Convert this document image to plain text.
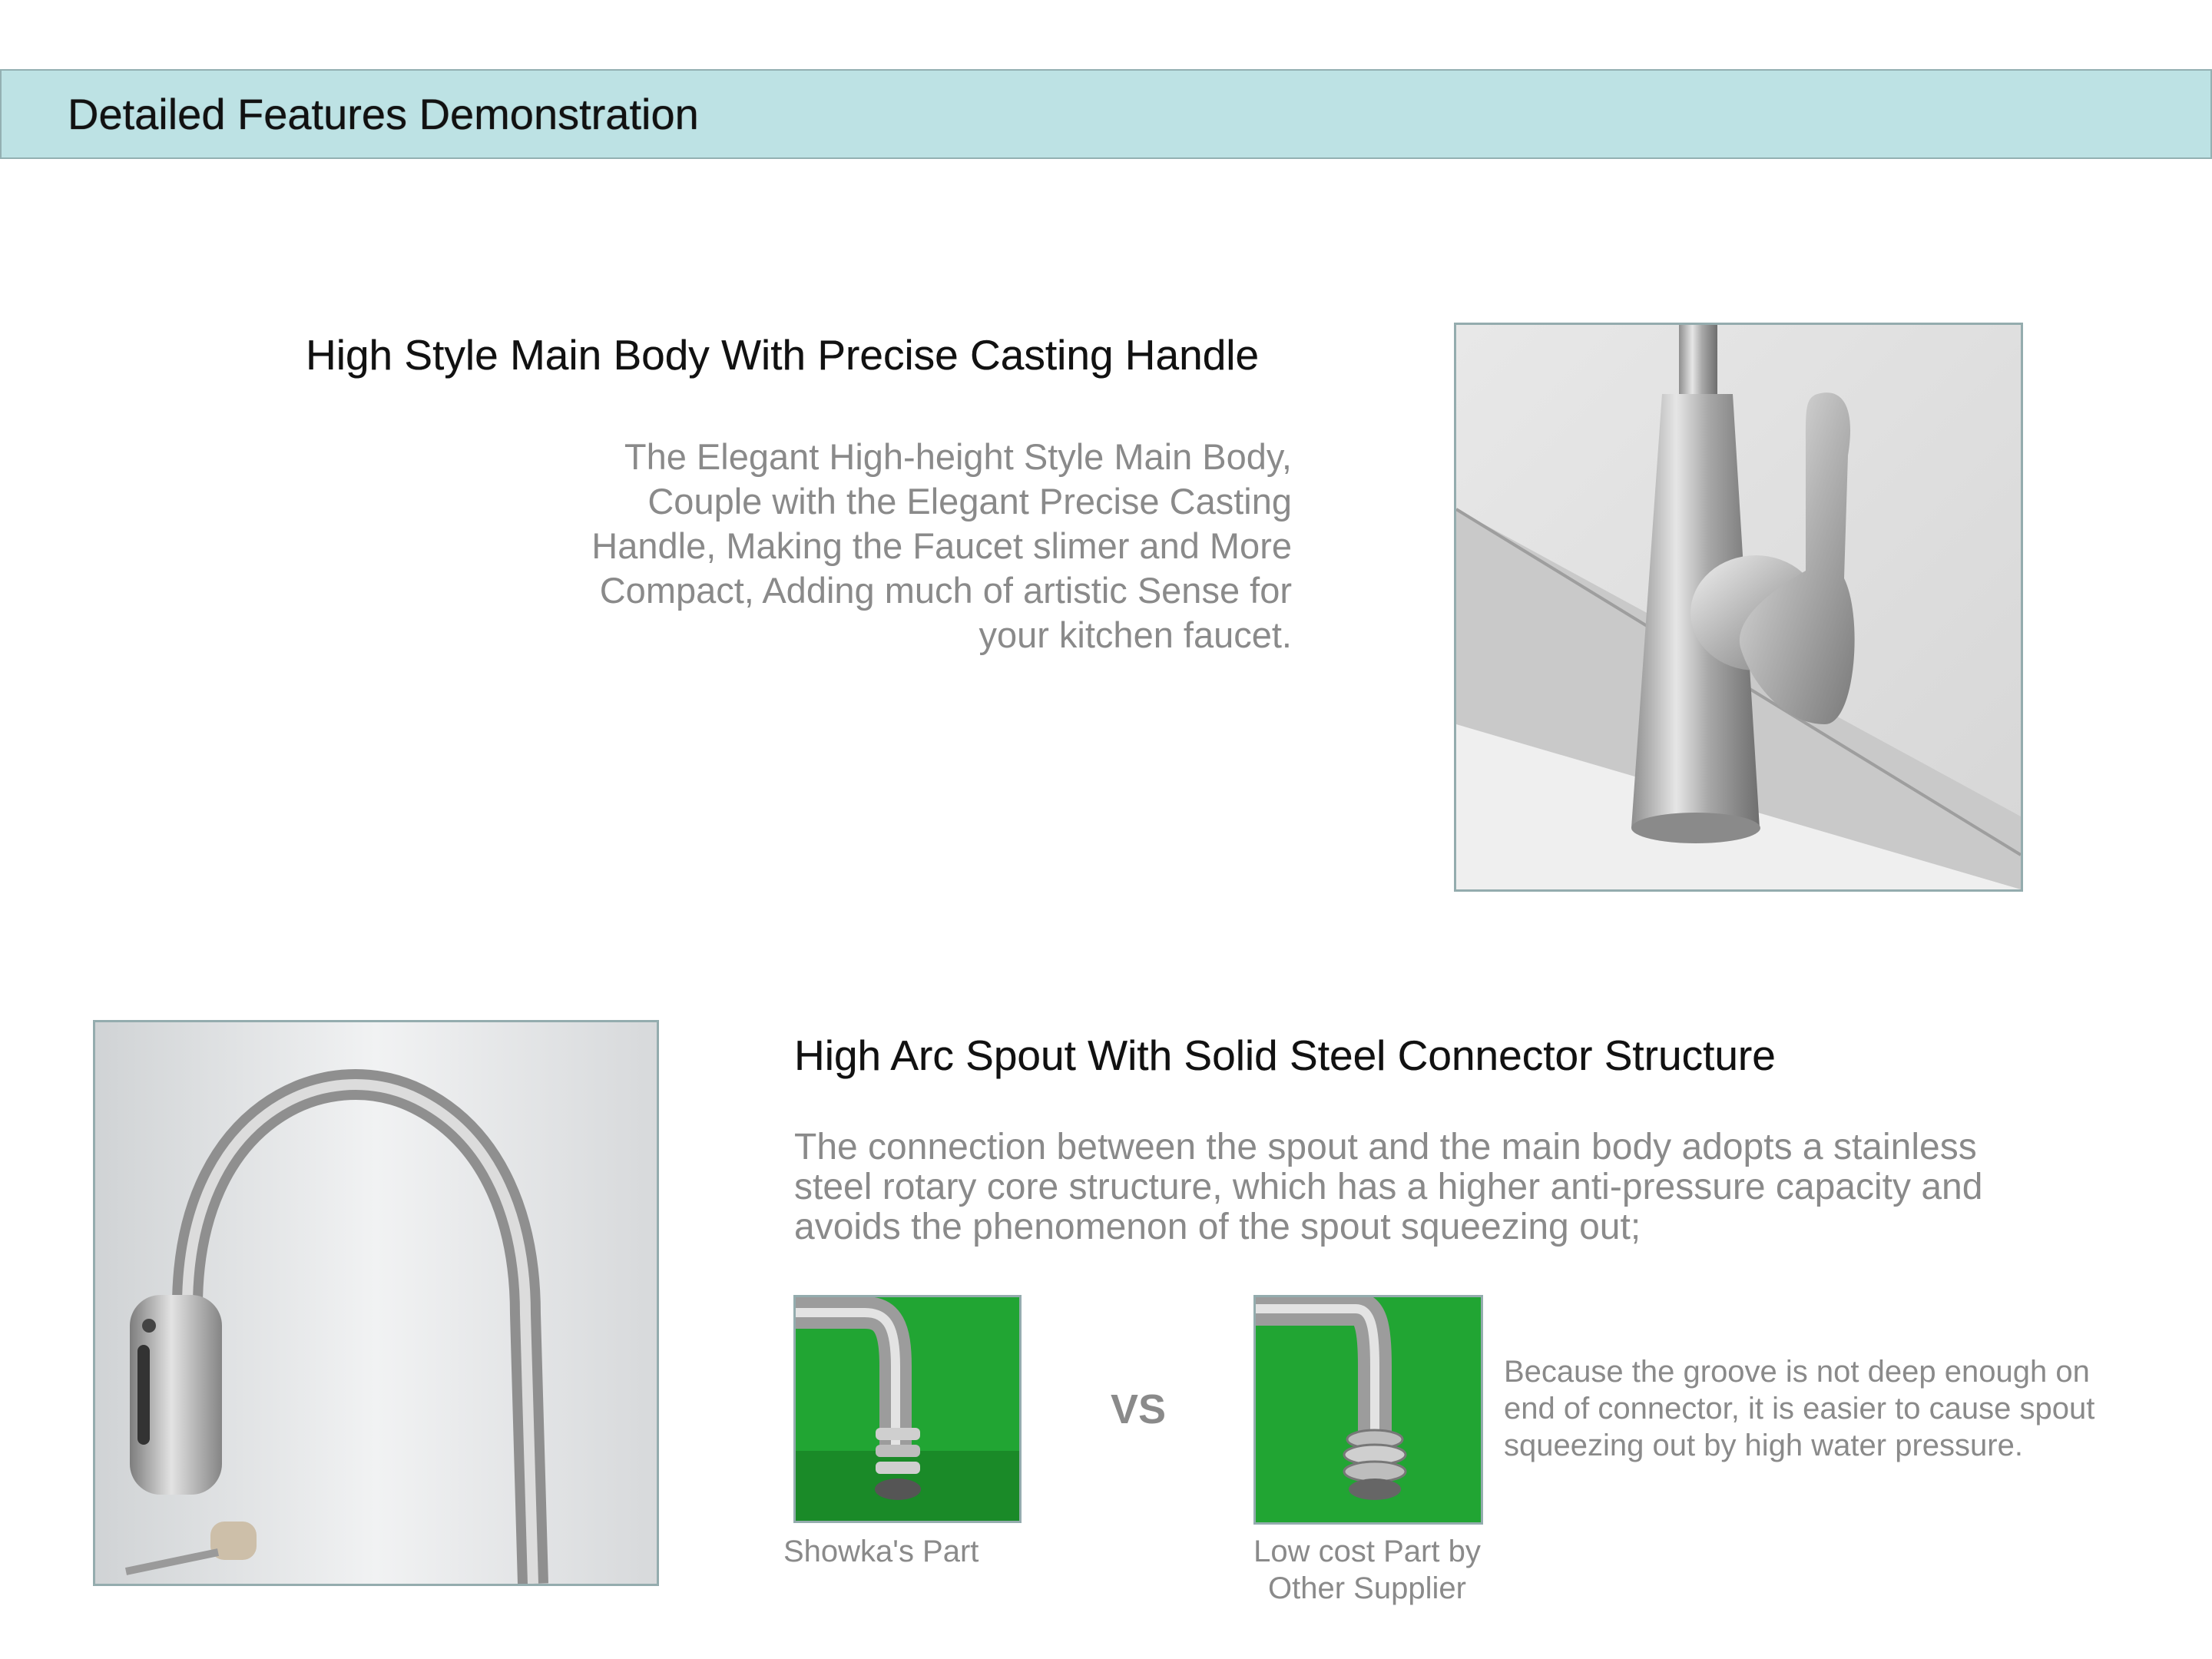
Detailed Features Demonstration
High Style Main Body With Precise Casting Handle
The Elegant High-height Style Main Body, Couple with the Elegant Precise Casting Handle, Making the Faucet slimer and More Compact, Adding much of artistic Sense for your kitchen faucet.
High Arc Spout With Solid Steel Connector Structure
The connection between the spout and the main body adopts a stainless steel rotary core structure, which has a higher anti-pressure capacity and avoids the phenomenon of the spout squeezing out;
Showka's Part
VS
Low cost Part by Other Supplier
Because the groove is not deep enough on end of connector, it is easier to cause spout squeezing out by high water pressure.
